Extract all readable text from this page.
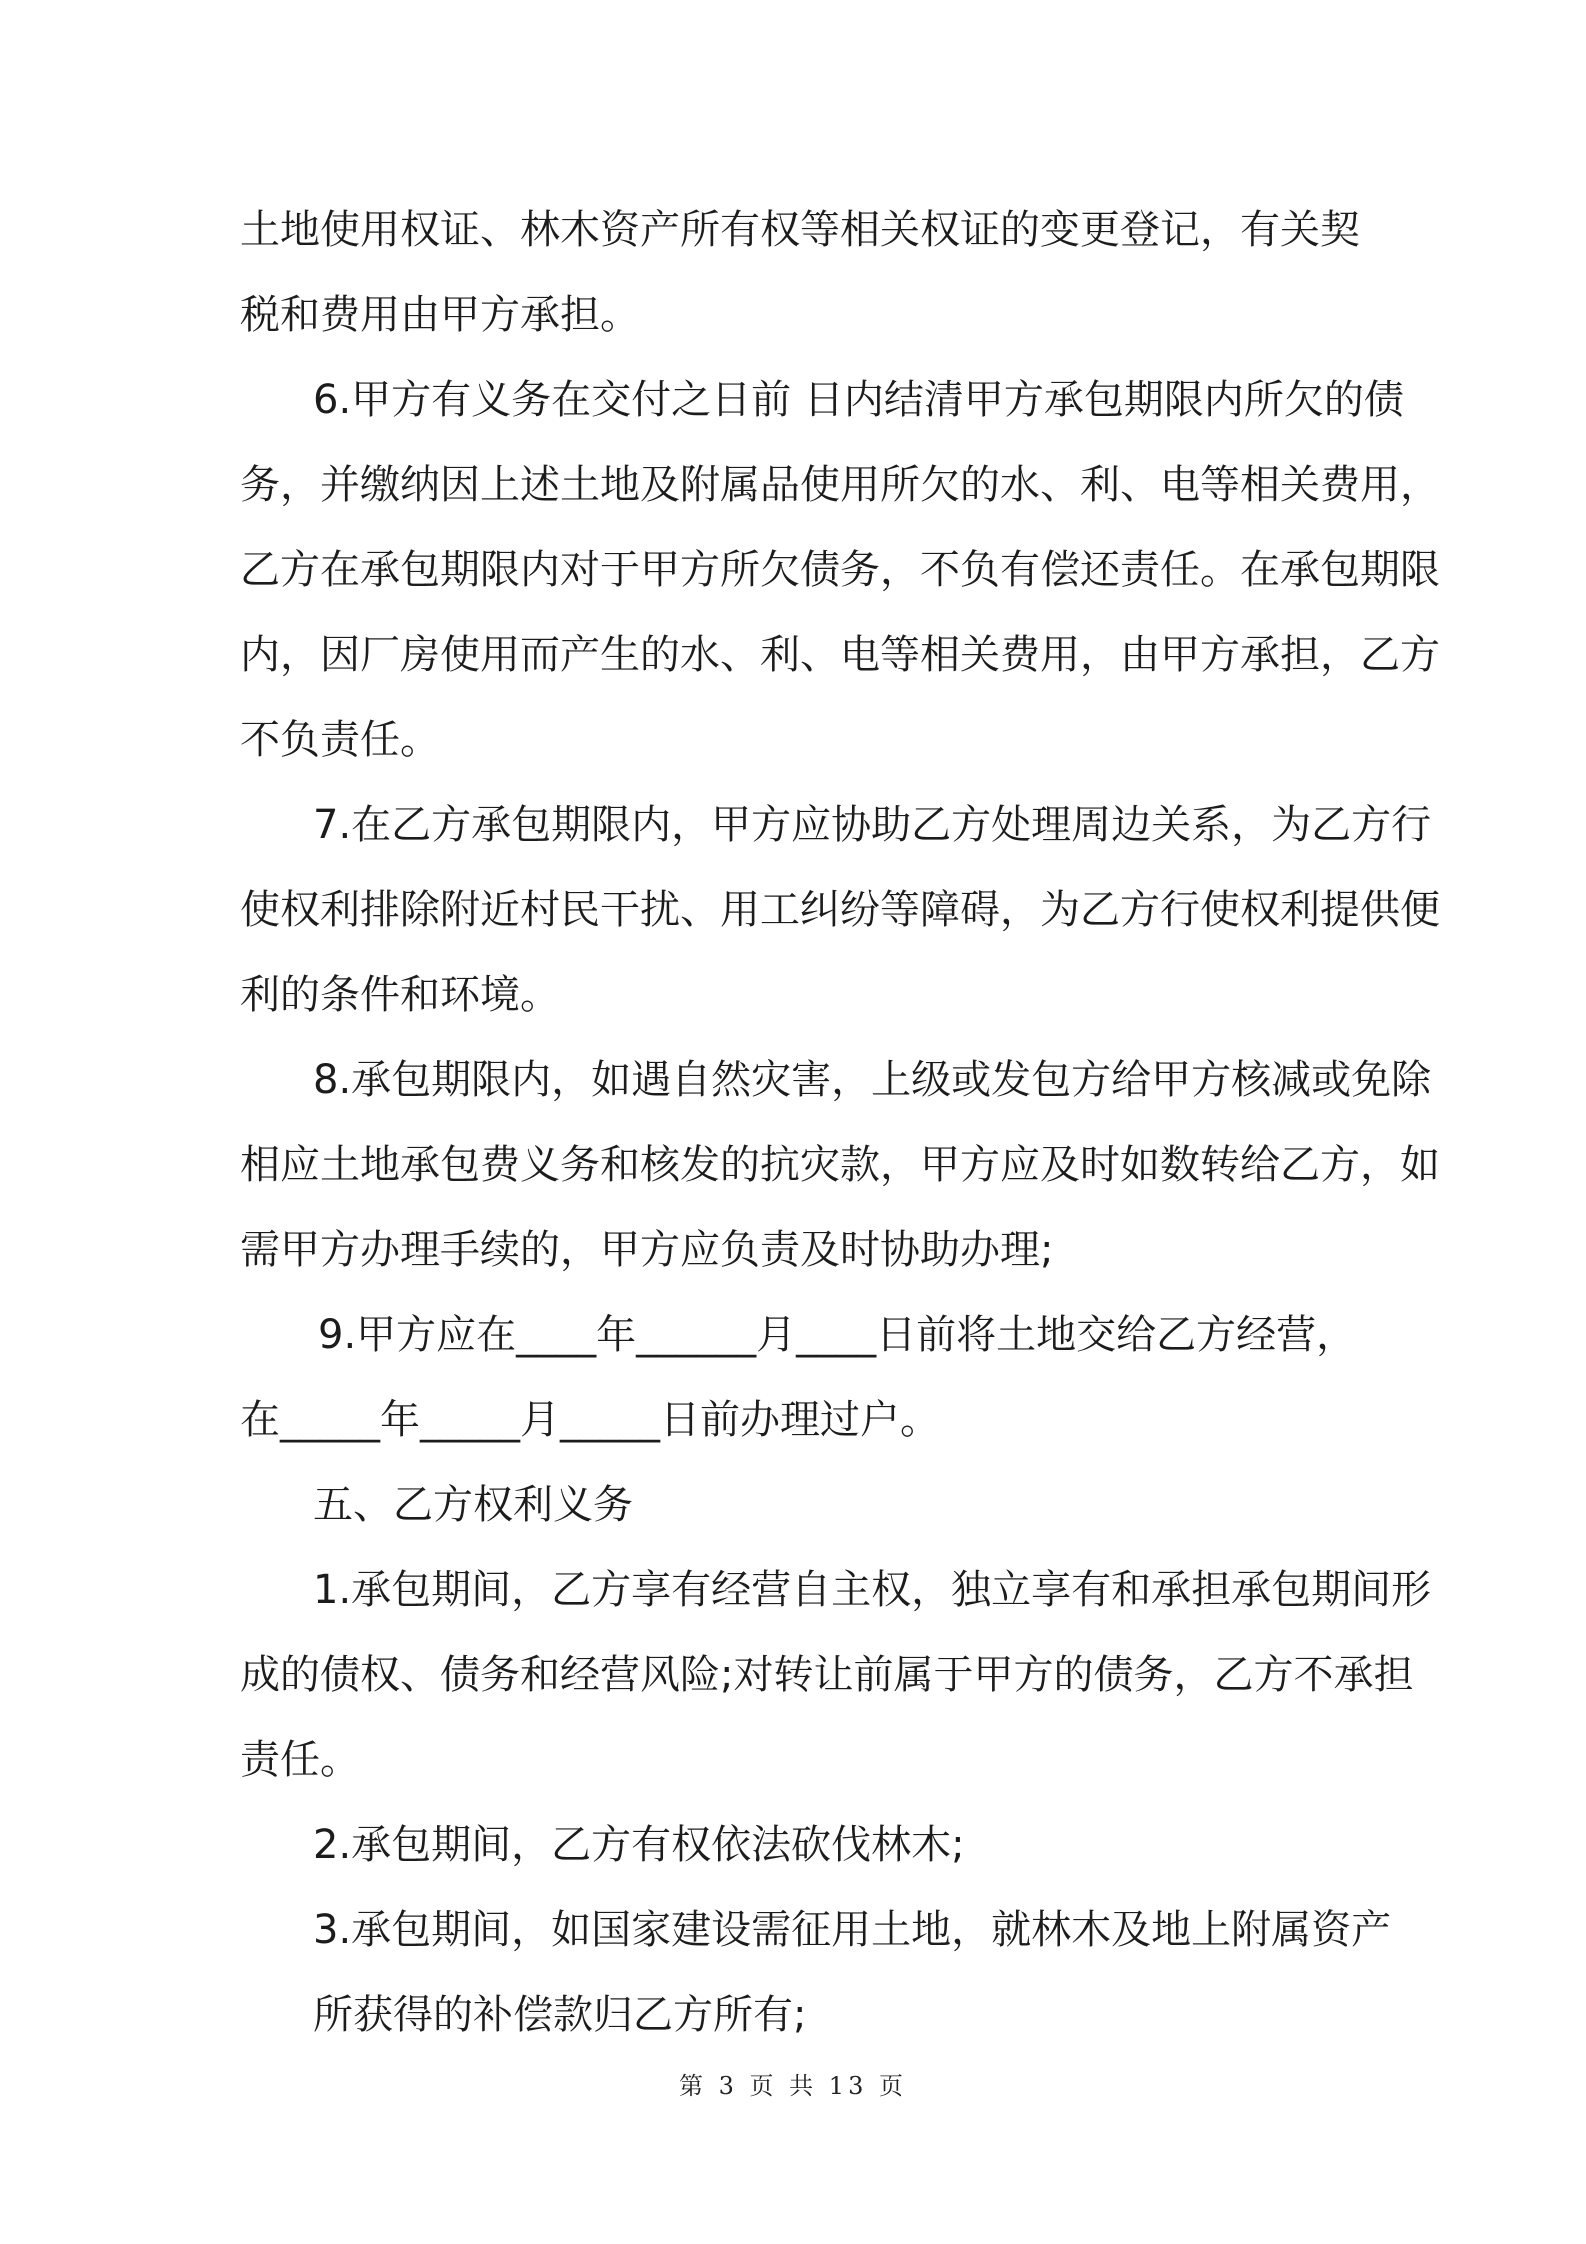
土地使用权证、林木资产所有权等相关权证的变更登记，有关契
税和费用由甲方承担。
6.甲方有义务在交付之日前 日内结清甲方承包期限内所欠的债
务，并缴纳因上述土地及附属品使用所欠的水、利、电等相关费用，
乙方在承包期限内对于甲方所欠债务，不负有偿还责任。在承包期限
内，因厂房使用而产生的水、利、电等相关费用，由甲方承担，乙方
不负责任。
7.在乙方承包期限内，甲方应协助乙方处理周边关系，为乙方行
使权利排除附近村民干扰、用工纠纷等障碍，为乙方行使权利提供便
利的条件和环境。
8.承包期限内，如遇自然灾害，上级或发包方给甲方核减或免除
相应土地承包费义务和核发的抗灾款，甲方应及时如数转给乙方，如
需甲方办理手续的，甲方应负责及时协助办理;
9.甲方应在____年______月____日前将土地交给乙方经营，
在_____年_____月_____日前办理过户。
五、乙方权利义务
1.承包期间，乙方享有经营自主权，独立享有和承担承包期间形
成的债权、债务和经营风险;对转让前属于甲方的债务，乙方不承担
责任。
2.承包期间，乙方有权依法砍伐林木;
3.承包期间，如国家建设需征用土地，就林木及地上附属资产
所获得的补偿款归乙方所有;
第 3 页 共 13 页
